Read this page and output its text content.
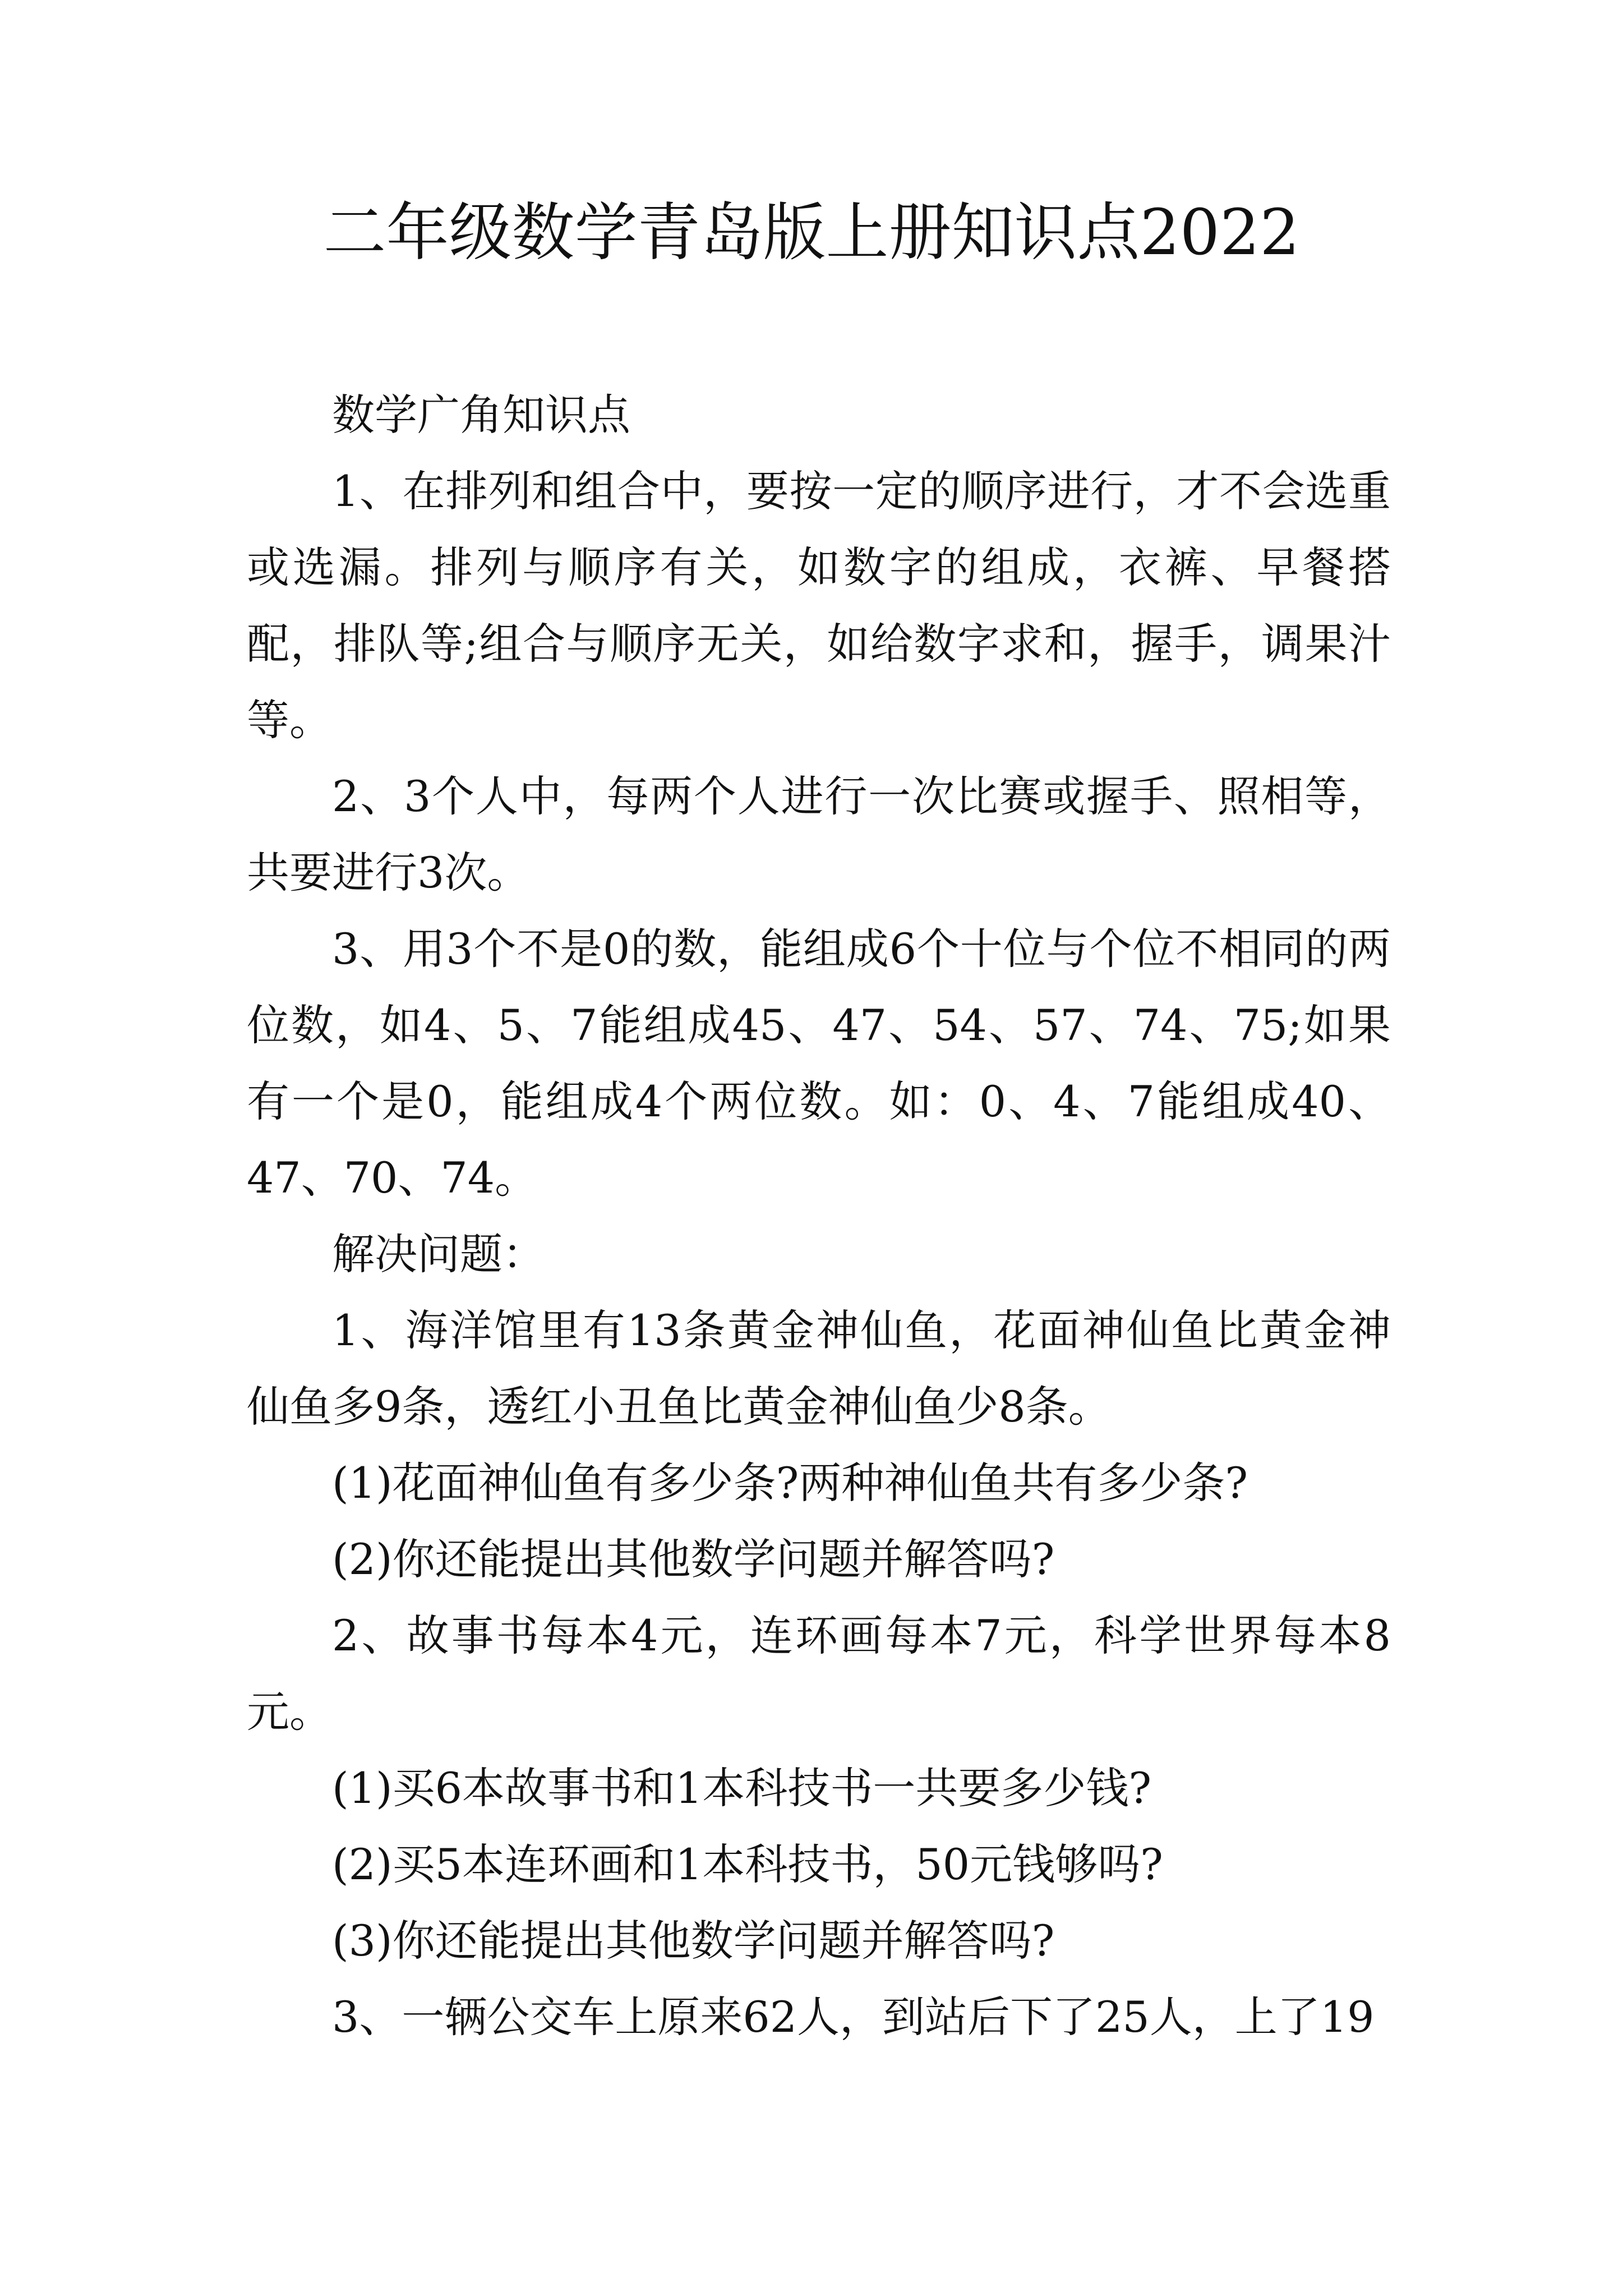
二年级数学青岛版上册知识点2022

数学广角知识点

1、在排列和组合中，要按一定的顺序进行，才不会选重或选漏。排列与顺序有关，如数字的组成，衣裤、早餐搭配，排队等;组合与顺序无关，如给数字求和，握手，调果汁等。

2、3个人中，每两个人进行一次比赛或握手、照相等，共要进行3次。

3、用3个不是0的数，能组成6个十位与个位不相同的两位数，如4、5、7能组成45、47、54、57、74、75;如果有一个是0，能组成4个两位数。如：0、4、7能组成40、47、70、74。

解决问题：

1、海洋馆里有13条黄金神仙鱼，花面神仙鱼比黄金神仙鱼多9条，透红小丑鱼比黄金神仙鱼少8条。

(1)花面神仙鱼有多少条?两种神仙鱼共有多少条?

(2)你还能提出其他数学问题并解答吗?

2、故事书每本4元，连环画每本7元，科学世界每本8元。

(1)买6本故事书和1本科技书一共要多少钱?

(2)买5本连环画和1本科技书，50元钱够吗?

(3)你还能提出其他数学问题并解答吗?

3、一辆公交车上原来62人，到站后下了25人，上了19
